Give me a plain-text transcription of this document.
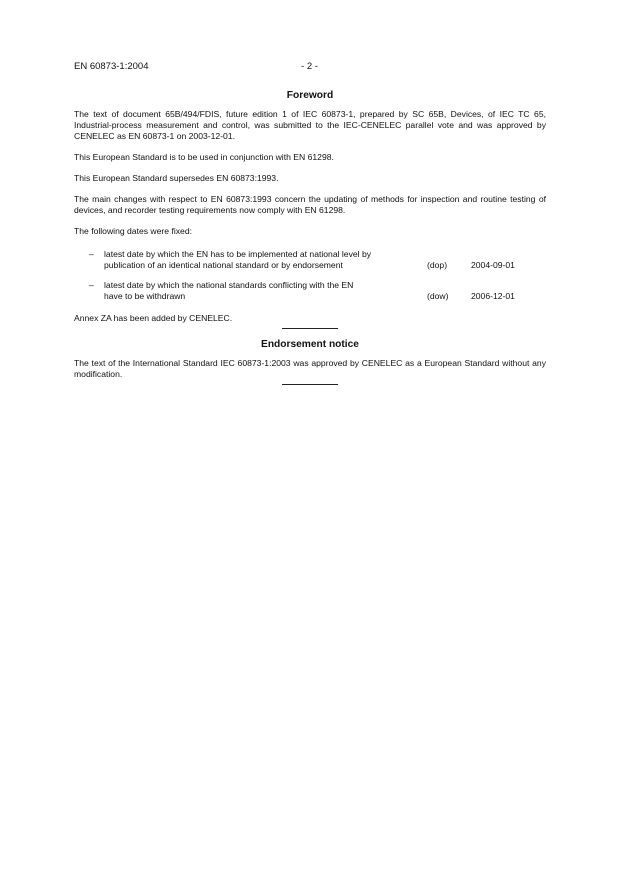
EN 60873-1:2004	- 2 -
Foreword

The text of document 65B/494/FDIS, future edition 1 of IEC 60873-1, prepared by SC 65B, Devices, of IEC TC 65, Industrial-process measurement and control, was submitted to the IEC-CENELEC parallel vote and was approved by CENELEC as EN 60873-1 on 2003-12-01.

This European Standard is to be used in conjunction with EN 61298.

This European Standard supersedes EN 60873:1993.

The main changes with respect to EN 60873:1993 concern the updating of methods for inspection and routine testing of devices, and recorder testing requirements now comply with EN 61298.

The following dates were fixed:

– latest date by which the EN has to be implemented at national level by publication of an identical national standard or by endorsement	(dop)	2004-09-01
– latest date by which the national standards conflicting with the EN have to be withdrawn	(dow)	2006-12-01

Annex ZA has been added by CENELEC.

Endorsement notice

The text of the International Standard IEC 60873-1:2003 was approved by CENELEC as a European Standard without any modification.
